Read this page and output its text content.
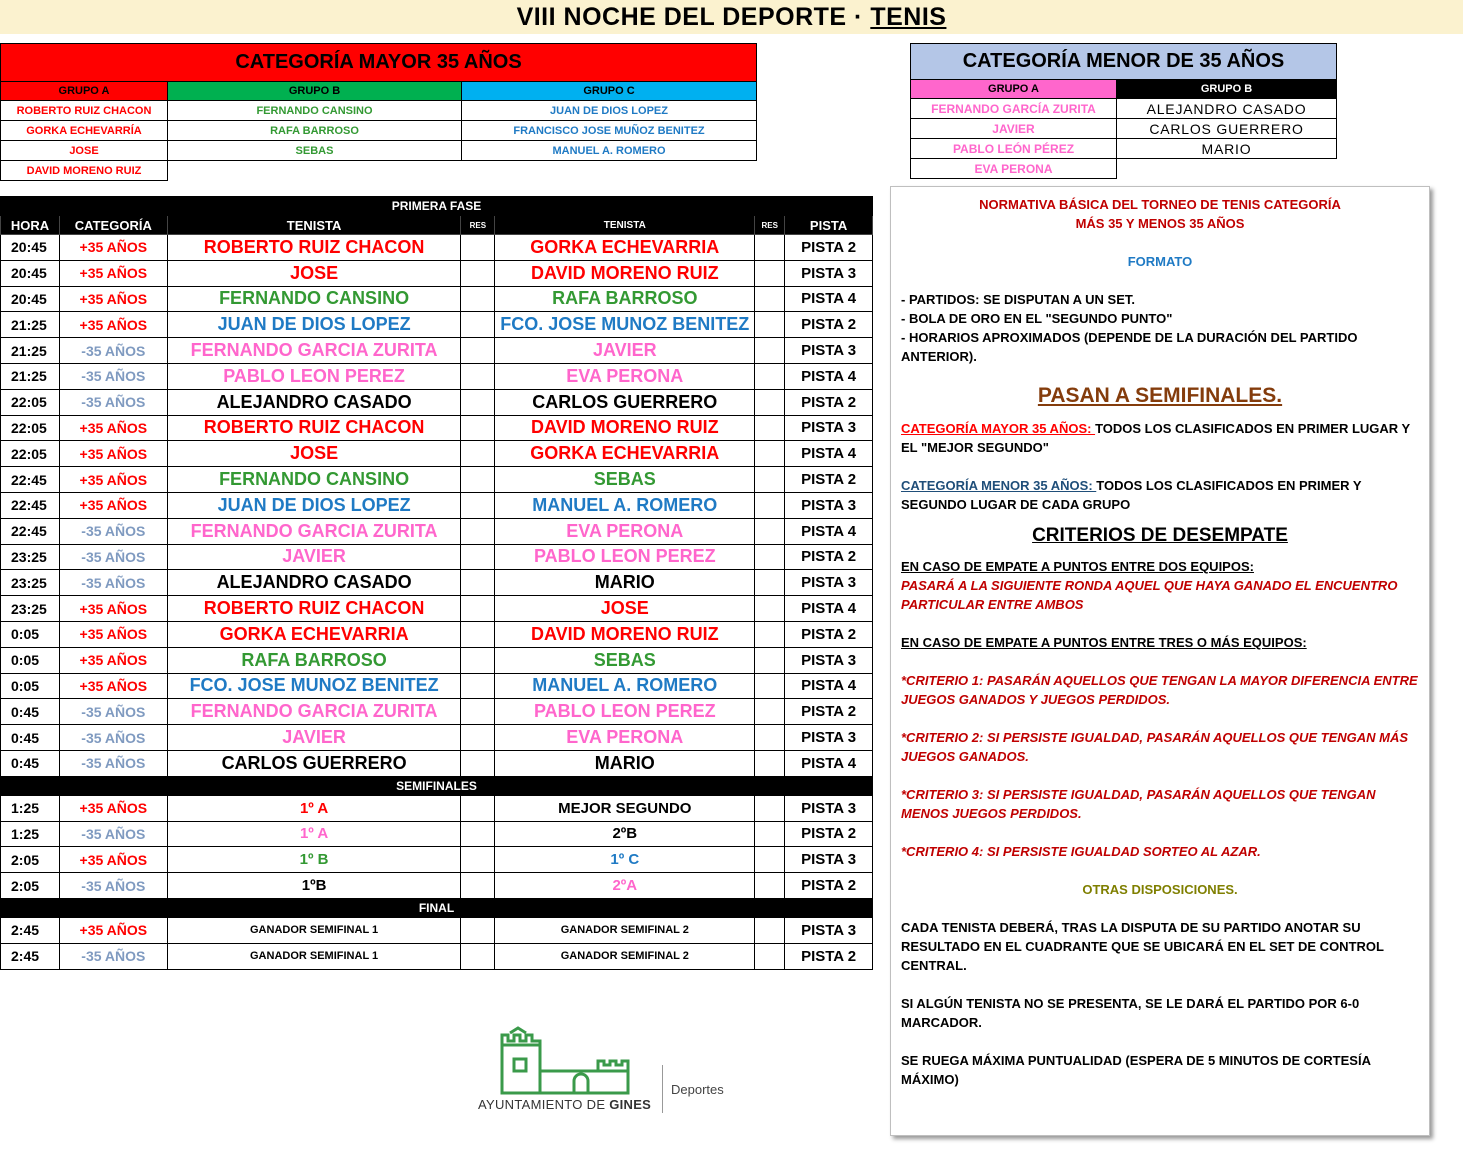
VIII NOCHE DEL DEPORTE · TENIS
CATEGORÍA MAYOR 35 AÑOS		
GRUPO A	GRUPO B	GRUPO C
ROBERTO RUIZ CHACON	FERNANDO CANSINO	JUAN DE DIOS LOPEZ
GORKA ECHEVARRÍA	RAFA BARROSO	FRANCISCO JOSE MUÑOZ BENITEZ
JOSE	SEBAS	MANUEL A. ROMERO
DAVID MORENO RUIZ		
CATEGORÍA MENOR DE 35 AÑOS	
GRUPO A	GRUPO B
FERNANDO GARCÍA ZURITA	ALEJANDRO CASADO
JAVIER	CARLOS GUERRERO
PABLO LEÓN PÉREZ	MARIO
EVA PERONA	
PRIMERA FASE						
HORA	CATEGORÍA	TENISTA	RES	TENISTA	RES	PISTA
20:45	+35 AÑOS	ROBERTO RUIZ CHACON		GORKA ECHEVARRIA		PISTA 2
20:45	+35 AÑOS	JOSE		DAVID MORENO RUIZ		PISTA 3
20:45	+35 AÑOS	FERNANDO CANSINO		RAFA BARROSO		PISTA 4
21:25	+35 AÑOS	JUAN DE DIOS LOPEZ		FCO. JOSE MUNOZ BENITEZ		PISTA 2
21:25	-35 AÑOS	FERNANDO GARCIA ZURITA		JAVIER		PISTA 3
21:25	-35 AÑOS	PABLO LEON PEREZ		EVA PERONA		PISTA 4
22:05	-35 AÑOS	ALEJANDRO CASADO		CARLOS GUERRERO		PISTA 2
22:05	+35 AÑOS	ROBERTO RUIZ CHACON		DAVID MORENO RUIZ		PISTA 3
22:05	+35 AÑOS	JOSE		GORKA ECHEVARRIA		PISTA 4
22:45	+35 AÑOS	FERNANDO CANSINO		SEBAS		PISTA 2
22:45	+35 AÑOS	JUAN DE DIOS LOPEZ		MANUEL A. ROMERO		PISTA 3
22:45	-35 AÑOS	FERNANDO GARCIA ZURITA		EVA PERONA		PISTA 4
23:25	-35 AÑOS	JAVIER		PABLO LEON PEREZ		PISTA 2
23:25	-35 AÑOS	ALEJANDRO CASADO		MARIO		PISTA 3
23:25	+35 AÑOS	ROBERTO RUIZ CHACON		JOSE		PISTA 4
0:05	+35 AÑOS	GORKA ECHEVARRIA		DAVID MORENO RUIZ		PISTA 2
0:05	+35 AÑOS	RAFA BARROSO		SEBAS		PISTA 3
0:05	+35 AÑOS	FCO. JOSE MUNOZ BENITEZ		MANUEL A. ROMERO		PISTA 4
0:45	-35 AÑOS	FERNANDO GARCIA ZURITA		PABLO LEON PEREZ		PISTA 2
0:45	-35 AÑOS	JAVIER		EVA PERONA		PISTA 3
0:45	-35 AÑOS	CARLOS GUERRERO		MARIO		PISTA 4
SEMIFINALES						
1:25	+35 AÑOS	1º A		MEJOR SEGUNDO		PISTA 3
1:25	-35 AÑOS	1º A		2ºB		PISTA 2
2:05	+35 AÑOS	1º B		1º C		PISTA 3
2:05	-35 AÑOS	1ºB		2ºA		PISTA 2
FINAL						
2:45	+35 AÑOS	GANADOR SEMIFINAL 1		GANADOR SEMIFINAL 2		PISTA 3
2:45	-35 AÑOS	GANADOR SEMIFINAL 1		GANADOR SEMIFINAL 2		PISTA 2

NORMATIVA BÁSICA DEL TORNEO DE TENIS CATEGORÍA

MÁS 35 Y MENOS 35 AÑOS

FORMATO

- PARTIDOS: SE DISPUTAN A UN SET.

- BOLA DE ORO EN EL "SEGUNDO PUNTO"

- HORARIOS APROXIMADOS (DEPENDE DE LA DURACIÓN DEL PARTIDO ANTERIOR).

PASAN A SEMIFINALES.

CATEGORÍA MAYOR 35 AÑOS: TODOS LOS CLASIFICADOS EN PRIMER LUGAR Y EL "MEJOR SEGUNDO"

CATEGORÍA MENOR 35 AÑOS: TODOS LOS CLASIFICADOS EN PRIMER Y SEGUNDO LUGAR DE CADA GRUPO

CRITERIOS DE DESEMPATE

EN CASO DE EMPATE A PUNTOS ENTRE DOS EQUIPOS:

PASARÁ A LA SIGUIENTE RONDA AQUEL QUE HAYA GANADO EL ENCUENTRO PARTICULAR ENTRE AMBOS

EN CASO DE EMPATE A PUNTOS ENTRE TRES O MÁS EQUIPOS:

*CRITERIO 1: PASARÁN AQUELLOS QUE TENGAN LA MAYOR DIFERENCIA ENTRE JUEGOS GANADOS Y JUEGOS PERDIDOS.

*CRITERIO 2: SI PERSISTE IGUALDAD, PASARÁN AQUELLOS QUE TENGAN MÁS JUEGOS GANADOS.

*CRITERIO 3: SI PERSISTE IGUALDAD, PASARÁN AQUELLOS QUE TENGAN MENOS JUEGOS PERDIDOS.

*CRITERIO 4: SI PERSISTE IGUALDAD SORTEO AL AZAR.

OTRAS DISPOSICIONES.

CADA TENISTA DEBERÁ, TRAS LA DISPUTA DE SU PARTIDO ANOTAR SU RESULTADO EN EL CUADRANTE QUE SE UBICARÁ EN EL SET DE CONTROL CENTRAL.

SI ALGÚN TENISTA NO SE PRESENTA, SE LE DARÁ EL PARTIDO POR 6-0 MARCADOR.

SE RUEGA MÁXIMA PUNTUALIDAD (ESPERA DE 5 MINUTOS DE CORTESÍA MÁXIMO)

AYUNTAMIENTO DE GINES
Deportes
